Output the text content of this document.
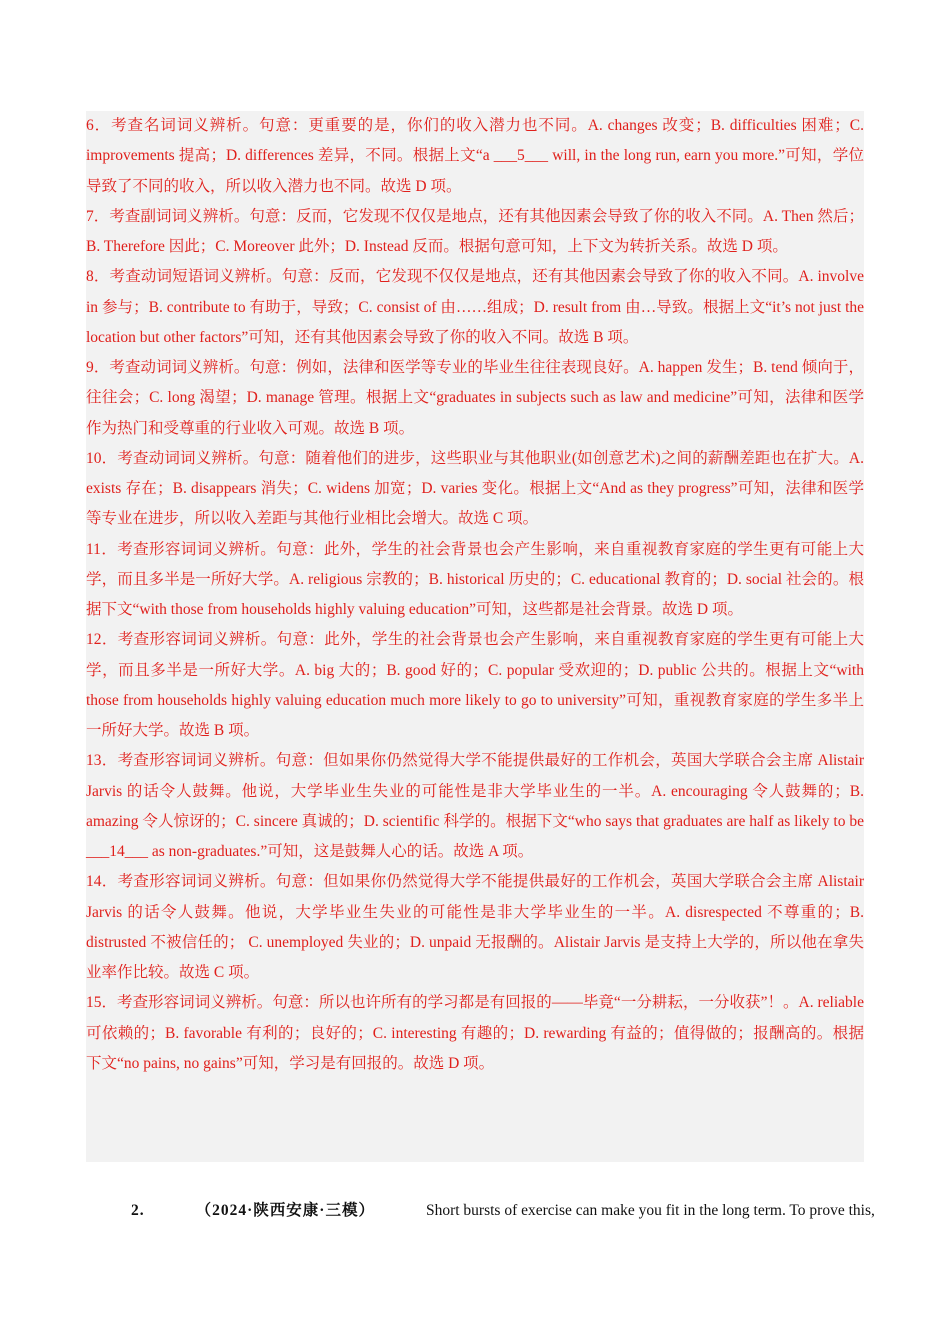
6．考查名词词义辨析。句意：更重要的是，你们的收入潜力也不同。A. changes 改变；B. difficulties 困难；C. improvements 提高；D. differences 差异，不同。根据上文“a ___5___ will, in the long run, earn you more.”可知，学位导致了不同的收入，所以收入潜力也不同。故选 D 项。

7．考查副词词义辨析。句意：反而，它发现不仅仅是地点，还有其他因素会导致了你的收入不同。A. Then 然后；B. Therefore 因此；C. Moreover 此外；D. Instead 反而。根据句意可知，上下文为转折关系。故选 D 项。

8．考查动词短语词义辨析。句意：反而，它发现不仅仅是地点，还有其他因素会导致了你的收入不同。A. involve in 参与；B. contribute to 有助于，导致；C. consist of 由……组成；D. result from 由…导致。根据上文“it’s not just the location but other factors”可知，还有其他因素会导致了你的收入不同。故选 B 项。

9．考查动词词义辨析。句意：例如，法律和医学等专业的毕业生往往表现良好。A. happen 发生；B. tend 倾向于，往往会；C. long 渴望；D. manage 管理。根据上文“graduates in subjects such as law and medicine”可知，法律和医学作为热门和受尊重的行业收入可观。故选 B 项。

10．考查动词词义辨析。句意：随着他们的进步，这些职业与其他职业(如创意艺术)之间的薪酬差距也在扩大。A. exists 存在；B. disappears 消失；C. widens 加宽；D. varies 变化。根据上文“And as they progress”可知，法律和医学等专业在进步，所以收入差距与其他行业相比会增大。故选 C 项。

11．考查形容词词义辨析。句意：此外，学生的社会背景也会产生影响，来自重视教育家庭的学生更有可能上大学，而且多半是一所好大学。A. religious 宗教的；B. historical 历史的；C. educational 教育的；D. social 社会的。根据下文“with those from households highly valuing education”可知，这些都是社会背景。故选 D 项。

12．考查形容词词义辨析。句意：此外，学生的社会背景也会产生影响，来自重视教育家庭的学生更有可能上大学，而且多半是一所好大学。A. big 大的；B. good 好的；C. popular 受欢迎的；D. public 公共的。根据上文“with those from households highly valuing education much more likely to go to university”可知，重视教育家庭的学生多半上一所好大学。故选 B 项。

13．考查形容词词义辨析。句意：但如果你仍然觉得大学不能提供最好的工作机会，英国大学联合会主席 Alistair Jarvis 的话令人鼓舞。他说，大学毕业生失业的可能性是非大学毕业生的一半。A. encouraging 令人鼓舞的；B. amazing 令人惊讶的；C. sincere 真诚的；D. scientific 科学的。根据下文“who says that graduates are half as likely to be ___14___ as non-graduates.”可知，这是鼓舞人心的话。故选 A 项。

14．考查形容词词义辨析。句意：但如果你仍然觉得大学不能提供最好的工作机会，英国大学联合会主席 Alistair Jarvis 的话令人鼓舞。他说，大学毕业生失业的可能性是非大学毕业生的一半。A. disrespected 不尊重的；B. distrusted 不被信任的； C. unemployed 失业的；D. unpaid 无报酬的。Alistair Jarvis 是支持上大学的，所以他在拿失业率作比较。故选 C 项。

15．考查形容词词义辨析。句意：所以也许所有的学习都是有回报的——毕竟“一分耕耘，一分收获”！。A. reliable 可依赖的；B. favorable 有利的；良好的；C. interesting 有趣的；D. rewarding 有益的；值得做的；报酬高的。根据下文“no pains, no gains”可知，学习是有回报的。故选 D 项。

2.	（2024·陕西安康·三模）	Short bursts of exercise can make you fit in the long term. To prove this,
